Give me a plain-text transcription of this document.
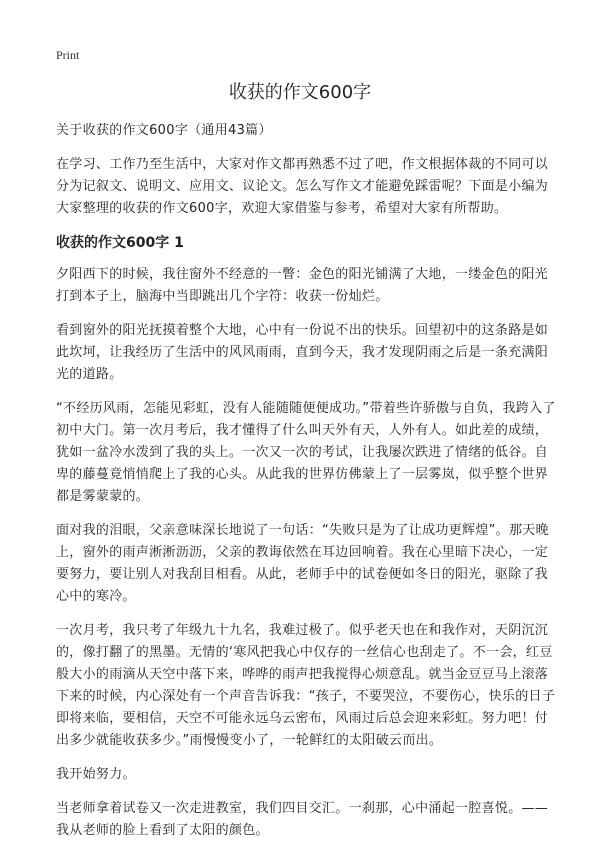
Print
收获的作文600字

关于收获的作文600字（通用43篇）

在学习、工作乃至生活中，大家对作文都再熟悉不过了吧，作文根据体裁的不同可以分为记叙文、说明文、应用文、议论文。怎么写作文才能避免踩雷呢？下面是小编为大家整理的收获的作文600字，欢迎大家借鉴与参考，希望对大家有所帮助。

收获的作文600字 1

夕阳西下的时候，我往窗外不经意的一瞥：金色的阳光铺满了大地，一缕金色的阳光打到本子上，脑海中当即跳出几个字符：收获一份灿烂。

看到窗外的阳光抚摸着整个大地，心中有一份说不出的快乐。回望初中的这条路是如此坎坷，让我经历了生活中的风风雨雨，直到今天，我才发现阴雨之后是一条充满阳光的道路。

“不经历风雨，怎能见彩虹，没有人能随随便便成功。”带着些许骄傲与自负，我跨入了初中大门。第一次月考后，我才懂得了什么叫天外有天，人外有人。如此差的成绩，犹如一盆冷水泼到了我的头上。一次又一次的考试，让我屡次跌进了情绪的低谷。自卑的藤蔓竟悄悄爬上了我的心头。从此我的世界仿佛蒙上了一层雾岚，似乎整个世界都是雾蒙蒙的。

面对我的泪眼，父亲意味深长地说了一句话：“失败只是为了让成功更辉煌”。那天晚上，窗外的雨声淅淅沥沥，父亲的教诲依然在耳边回响着。我在心里暗下决心，一定要努力，要让别人对我刮目相看。从此，老师手中的试卷便如冬日的阳光，驱除了我心中的寒冷。

一次月考，我只考了年级九十九名，我难过极了。似乎老天也在和我作对，天阴沉沉的，像打翻了的黑墨。无情的‘寒风把我心中仅存的一丝信心也刮走了。不一会，红豆般大小的雨滴从天空中落下来，哗哗的雨声把我搅得心烦意乱。就当金豆豆马上滚落下来的时候，内心深处有一个声音告诉我：“孩子，不要哭泣，不要伤心，快乐的日子即将来临，要相信，天空不可能永远乌云密布，风雨过后总会迎来彩虹。努力吧！付出多少就能收获多少。”雨慢慢变小了，一轮鲜红的太阳破云而出。

我开始努力。

当老师拿着试卷又一次走进教室，我们四目交汇。一刹那，心中涌起一腔喜悦。——我从老师的脸上看到了太阳的颜色。
